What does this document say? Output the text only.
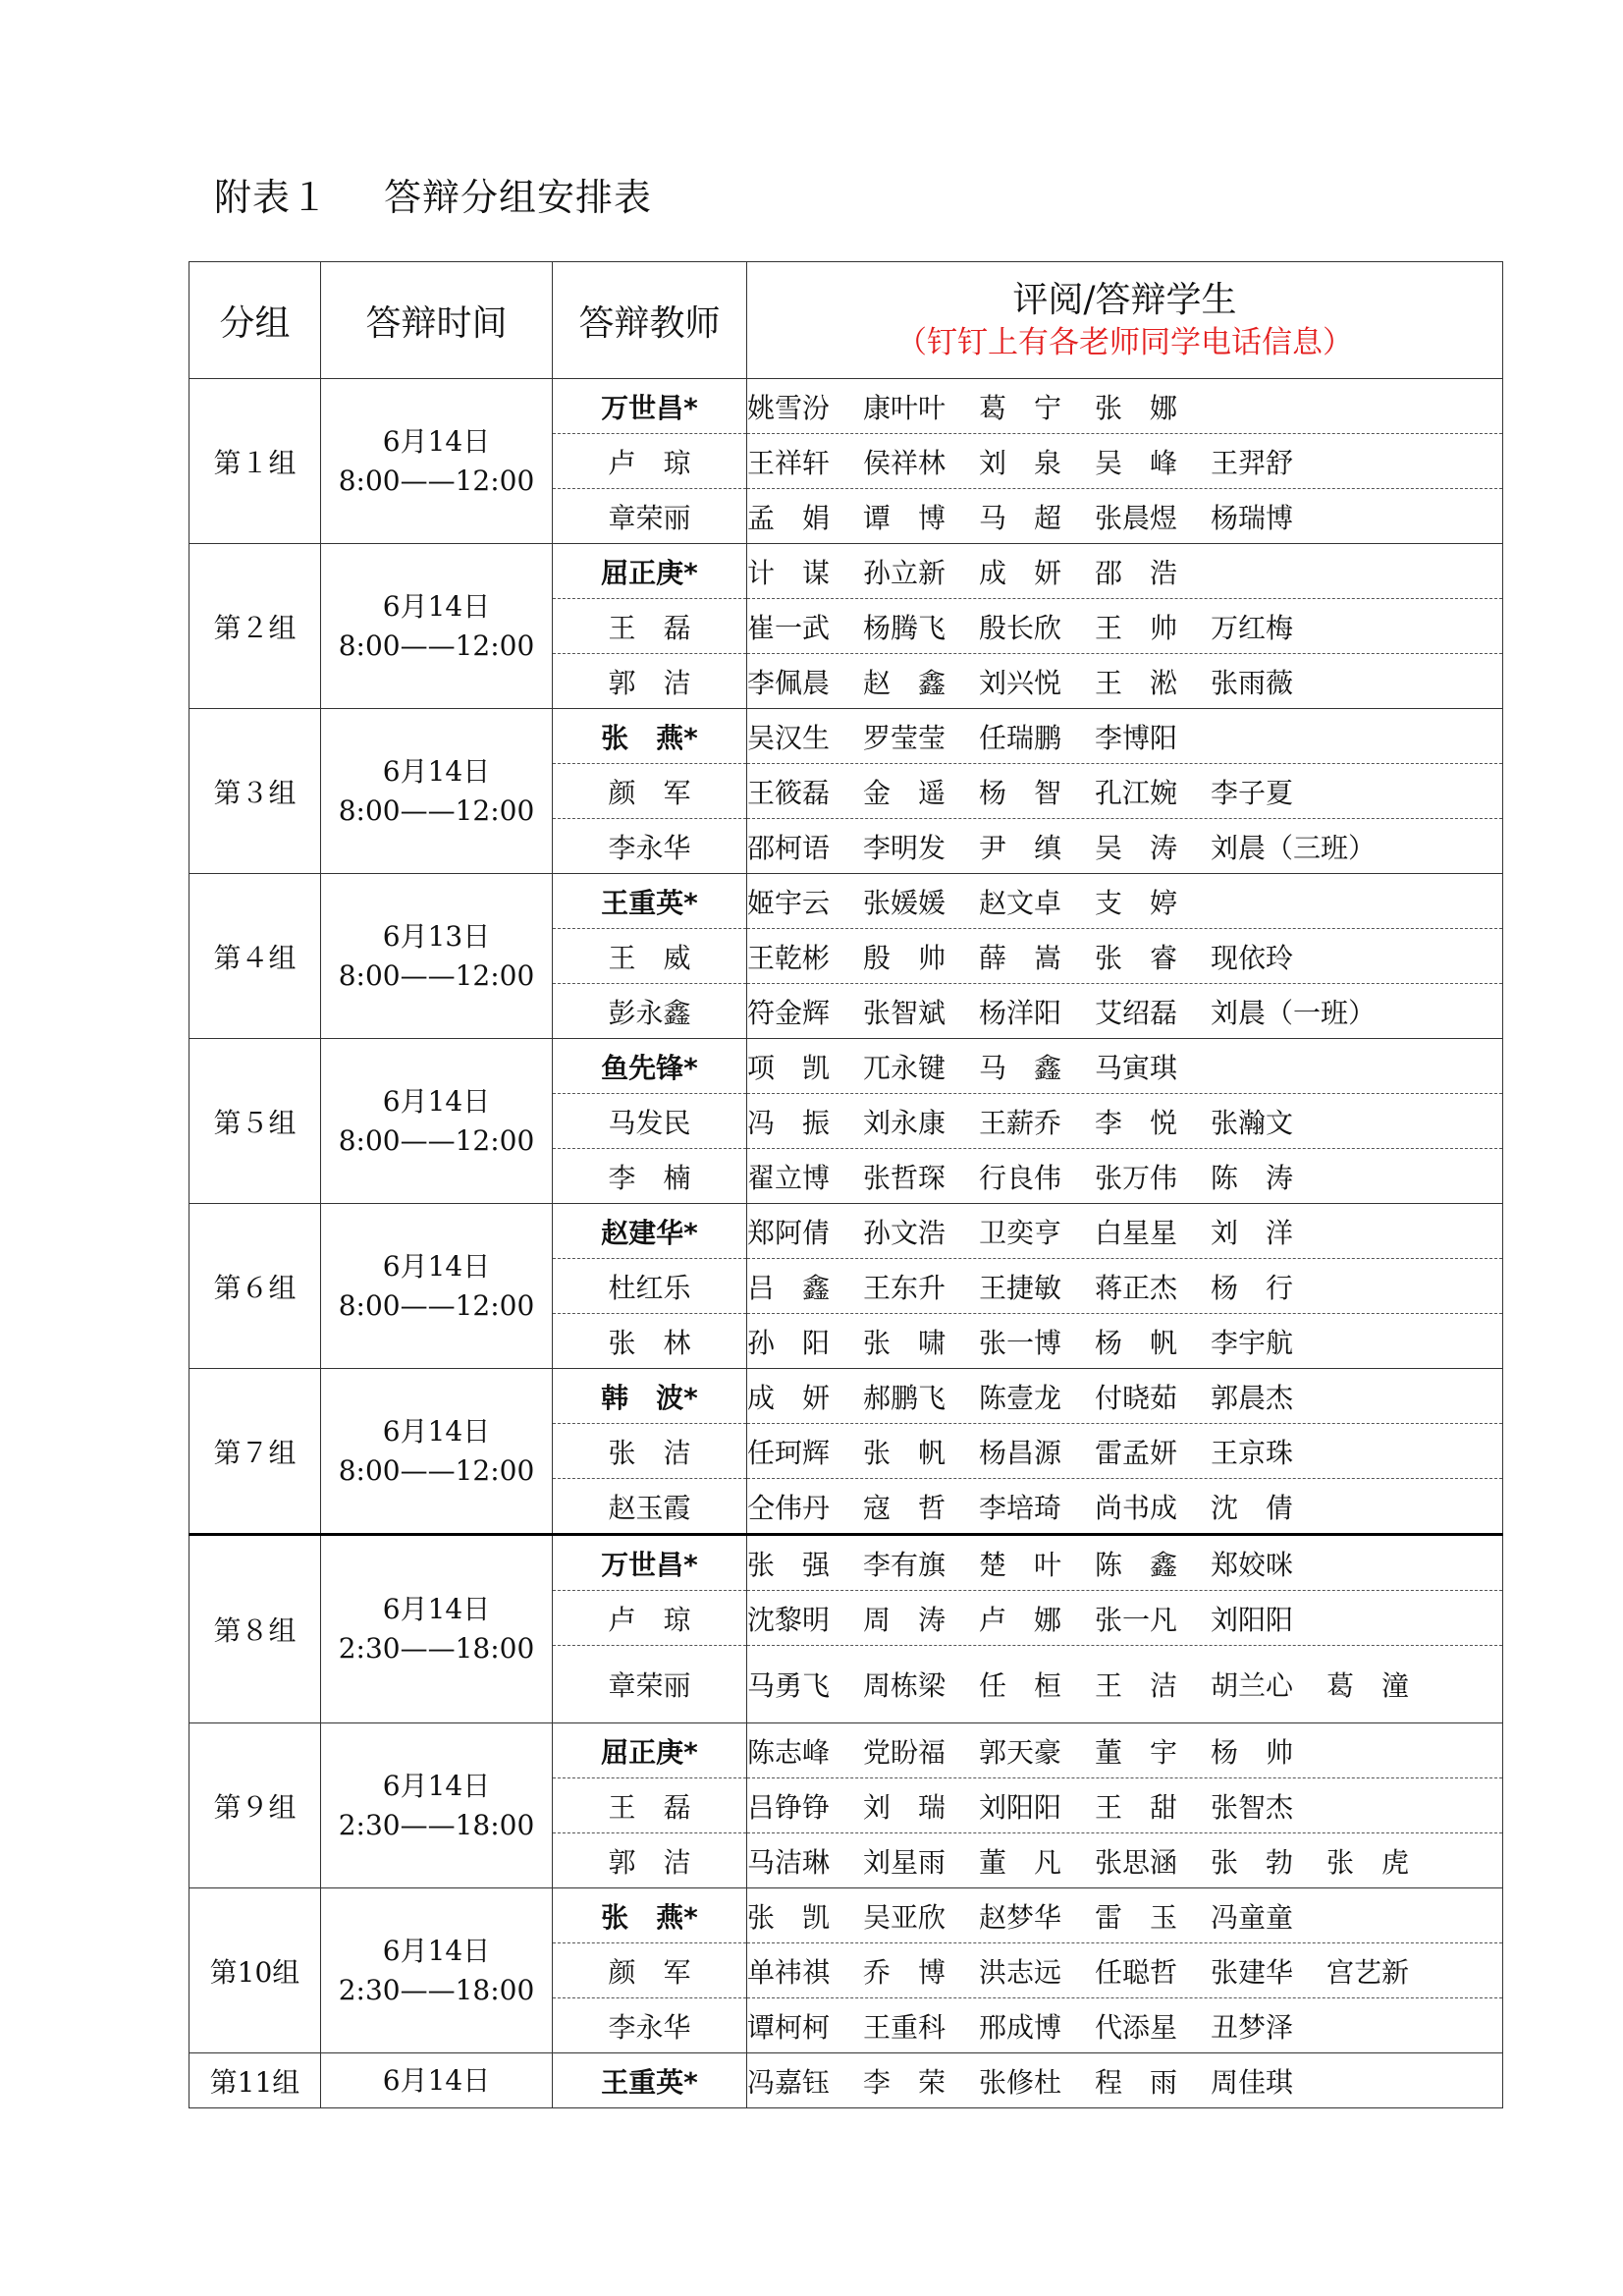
附表１ 答辩分组安排表
分组	答辩时间	答辩教师	评阅/答辩学生
（钉钉上有各老师同学电话信息）

第１组	6月14日
8:00——12:00	万世昌*	姚雪汾 康叶叶 葛　宁 张　娜
		卢　琼	王祥轩 侯祥林 刘　泉 吴　峰 王羿舒
		章荣丽	孟　娟 谭　博 马　超 张晨煜 杨瑞博
第２组	6月14日
8:00——12:00	屈正庚*	计　谋 孙立新 成　妍 邵　浩
		王　磊	崔一武 杨腾飞 殷长欣 王　帅 万红梅
		郭　洁	李佩晨 赵　鑫 刘兴悦 王　淞 张雨薇
第３组	6月14日
8:00——12:00	张　燕*	吴汉生 罗莹莹 任瑞鹏 李博阳
		颜　军	王筱磊 金　遥 杨　智 孔江婉 李子夏
		李永华	邵柯语 李明发 尹　缜 吴　涛 刘晨（三班）
第４组	6月13日
8:00——12:00	王重英*	姬宇云 张媛媛 赵文卓 支　婷
		王　威	王乾彬 殷　帅 薛　嵩 张　睿 现依玲
		彭永鑫	符金辉 张智斌 杨洋阳 艾绍磊 刘晨（一班）
第５组	6月14日
8:00——12:00	鱼先锋*	项　凯 兀永键 马　鑫 马寅琪
		马发民	冯　振 刘永康 王薪乔 李　悦 张瀚文
		李　楠	翟立博 张哲琛 行良伟 张万伟 陈　涛
第６组	6月14日
8:00——12:00	赵建华*	郑阿倩 孙文浩 卫奕亨 白星星 刘　洋
		杜红乐	吕　鑫 王东升 王捷敏 蒋正杰 杨　行
		张　林	孙　阳 张　啸 张一博 杨　帆 李宇航
第７组	6月14日
8:00——12:00	韩　波*	成　妍 郝鹏飞 陈壹龙 付晓茹 郭晨杰
		张　洁	任珂辉 张　帆 杨昌源 雷孟妍 王京珠
		赵玉霞	仝伟丹 寇　哲 李培琦 尚书成 沈　倩
第８组	6月14日
2:30——18:00	万世昌*	张　强 李有旗 楚　叶 陈　鑫 郑姣咪
		卢　琼	沈黎明 周　涛 卢　娜 张一凡 刘阳阳
		章荣丽	马勇飞 周栋梁 任　桓 王　洁 胡兰心 葛　潼
第９组	6月14日
2:30——18:00	屈正庚*	陈志峰 党盼福 郭天豪 董　宇 杨　帅
		王　磊	吕铮铮 刘　瑞 刘阳阳 王　甜 张智杰
		郭　洁	马洁琳 刘星雨 董　凡 张思涵 张　勃 张　虎
第10组	6月14日
2:30——18:00	张　燕*	张　凯 吴亚欣 赵梦华 雷　玉 冯童童
		颜　军	单祎祺 乔　博 洪志远 任聪哲 张建华 宫艺新
		李永华	谭柯柯 王重科 邢成博 代添星 丑梦泽
第11组	6月14日	王重英*	冯嘉钰 李　荣 张修杜 程　雨 周佳琪
